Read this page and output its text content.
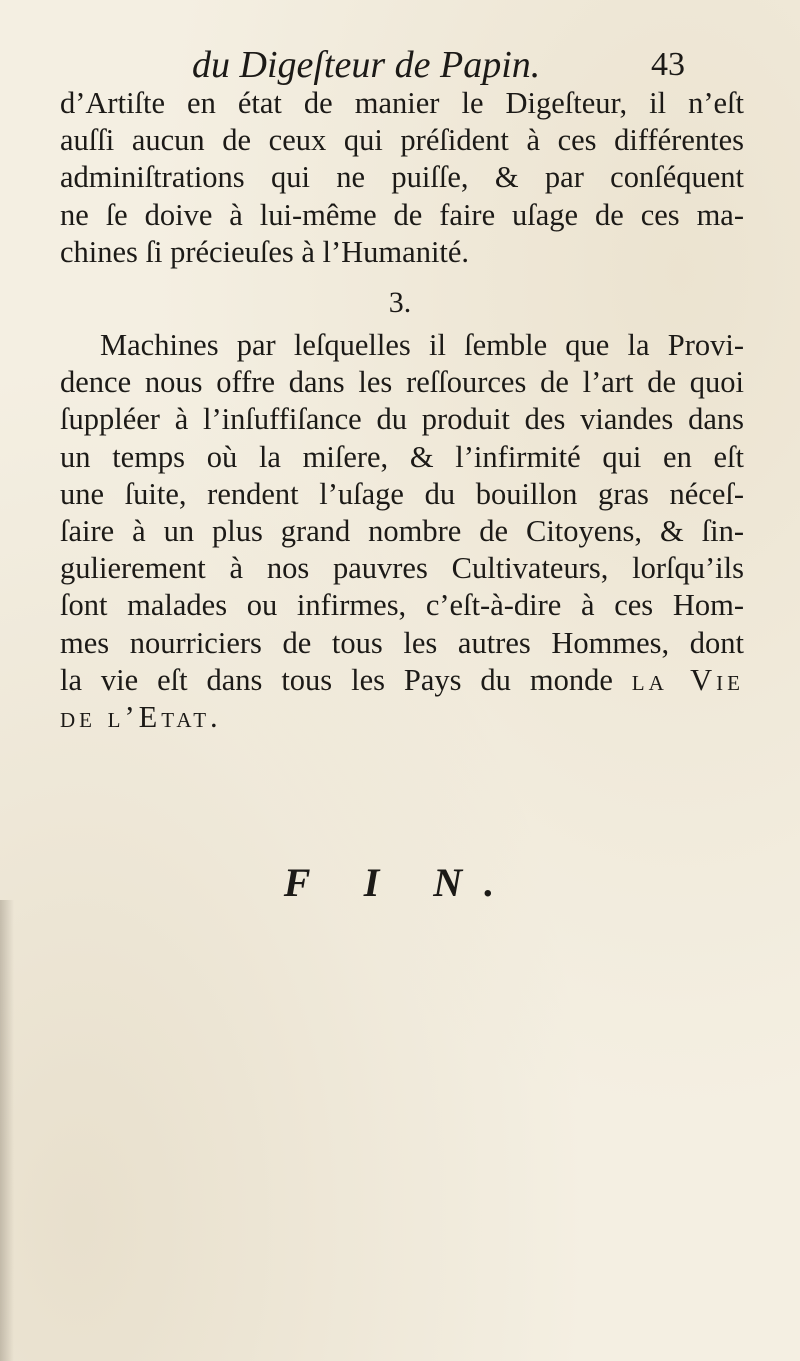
du Digeſteur de Papin.	43
d’Artiſte en état de manier le Digeſteur, il n’eſt
auſſi aucun de ceux qui préſident à ces différentes
adminiſtrations qui ne puiſſe, & par conſéquent
ne ſe doive à lui-même de faire uſage de ces ma-
chines ſi précieuſes à l’Humanité.
3.
Machines par leſquelles il ſemble que la Provi-
dence nous offre dans les reſſources de l’art de quoi
ſuppléer à l’inſuffiſance du produit des viandes dans
un temps où la miſere, & l’infirmité qui en eſt
une ſuite, rendent l’uſage du bouillon gras néceſ-
ſaire à un plus grand nombre de Citoyens, & ſin-
gulierement à nos pauvres Cultivateurs, lorſqu’ils
ſont malades ou infirmes, c’eſt-à-dire à ces Hom-
mes nourriciers de tous les autres Hommes, dont
la vie eſt dans tous les Pays du monde la Vie
de l’Etat.
F I N.
